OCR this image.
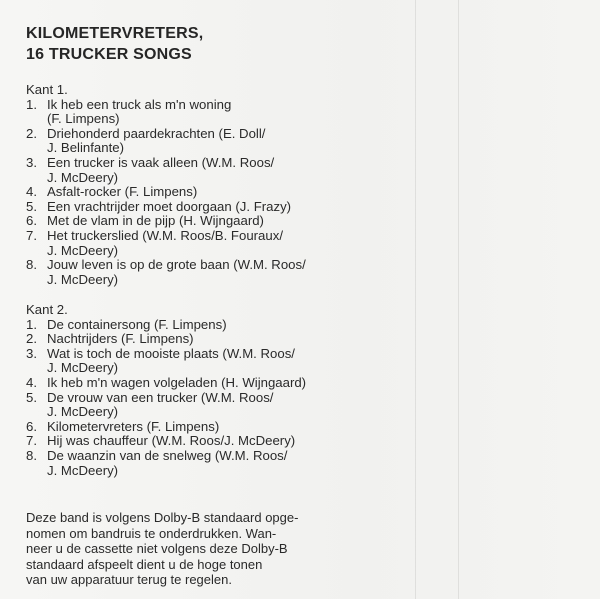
KILOMETERVRETERS,
16 TRUCKER SONGS
Kant 1.
1. Ik heb een truck als m'n woning
(F. Limpens)
2. Driehonderd paardekrachten (E. Doll/
J. Belinfante)
3. Een trucker is vaak alleen (W.M. Roos/
J. McDeery)
4. Asfalt-rocker (F. Limpens)
5. Een vrachtrijder moet doorgaan (J. Frazy)
6. Met de vlam in de pijp (H. Wijngaard)
7. Het truckerslied (W.M. Roos/B. Fouraux/
J. McDeery)
8. Jouw leven is op de grote baan (W.M. Roos/
J. McDeery)
Kant 2.
1. De containersong (F. Limpens)
2. Nachtrijders (F. Limpens)
3. Wat is toch de mooiste plaats (W.M. Roos/
J. McDeery)
4. Ik heb m'n wagen volgeladen (H. Wijngaard)
5. De vrouw van een trucker (W.M. Roos/
J. McDeery)
6. Kilometervreters (F. Limpens)
7. Hij was chauffeur (W.M. Roos/J. McDeery)
8. De waanzin van de snelweg (W.M. Roos/
J. McDeery)

Deze band is volgens Dolby-B standaard opge-
nomen om bandruis te onderdrukken. Wan-
neer u de cassette niet volgens deze Dolby-B
standaard afspeelt dient u de hoge tonen
van uw apparatuur terug te regelen.
